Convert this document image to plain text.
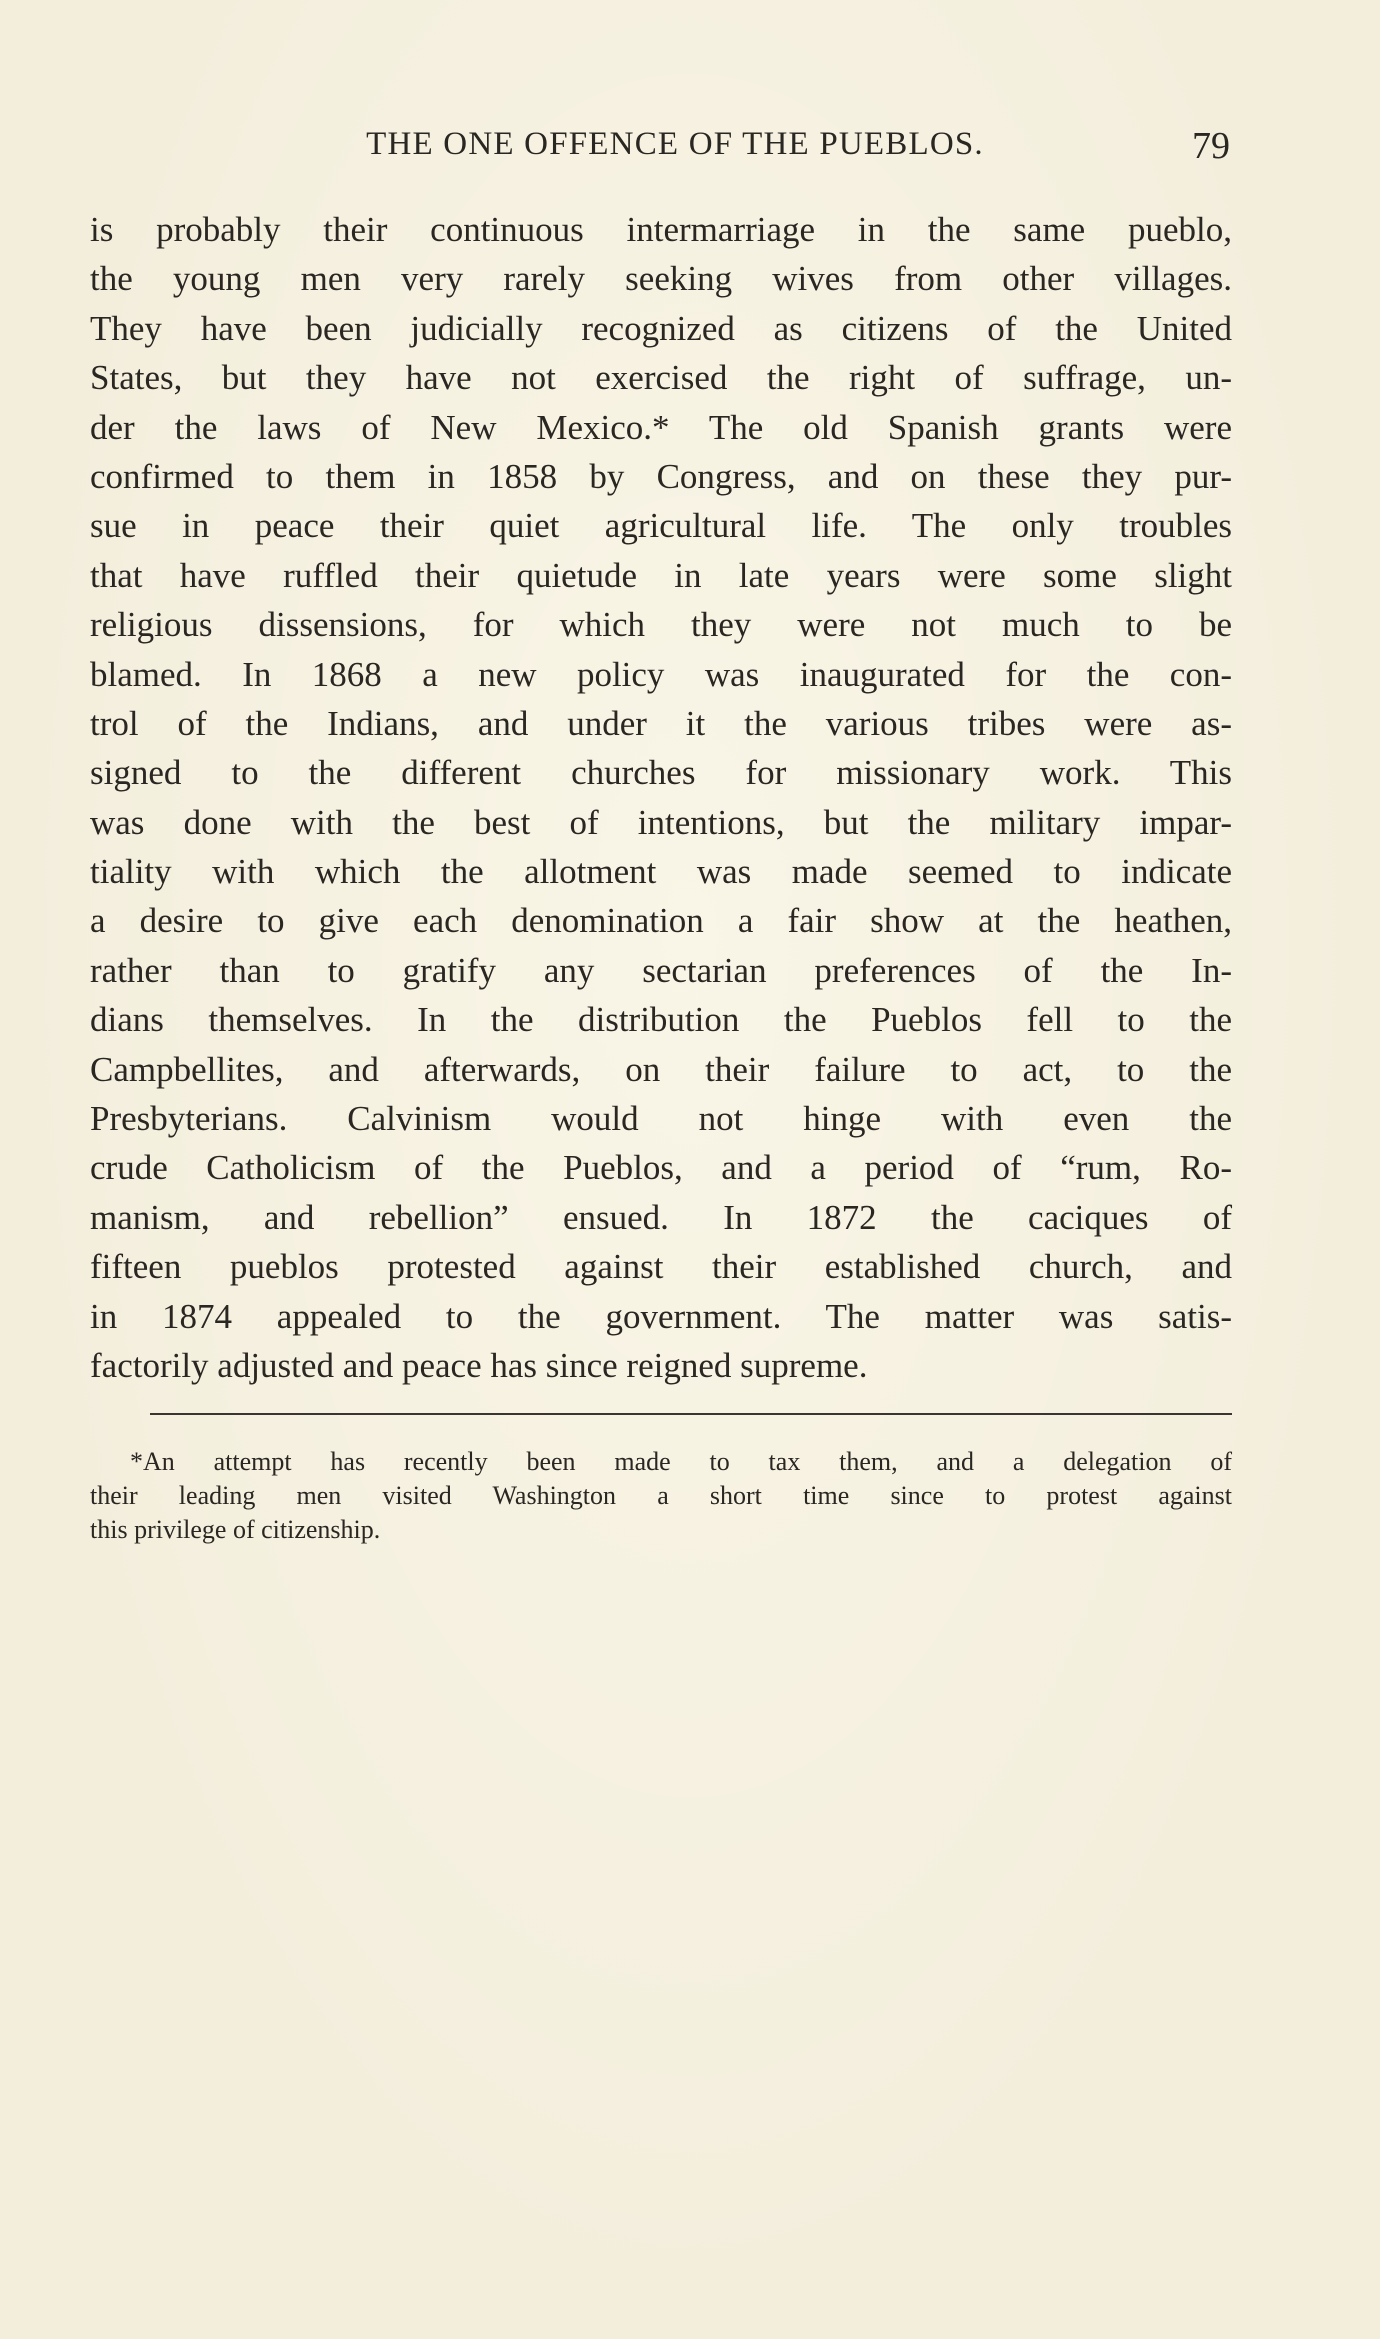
THE ONE OFFENCE OF THE PUEBLOS.	79
is probably their continuous intermarriage in the same pueblo,
the young men very rarely seeking wives from other villages.
They have been judicially recognized as citizens of the United
States, but they have not exercised the right of suffrage, un-
der the laws of New Mexico.* The old Spanish grants were
confirmed to them in 1858 by Congress, and on these they pur-
sue in peace their quiet agricultural life. The only troubles
that have ruffled their quietude in late years were some slight
religious dissensions, for which they were not much to be
blamed. In 1868 a new policy was inaugurated for the con-
trol of the Indians, and under it the various tribes were as-
signed to the different churches for missionary work. This
was done with the best of intentions, but the military impar-
tiality with which the allotment was made seemed to indicate
a desire to give each denomination a fair show at the heathen,
rather than to gratify any sectarian preferences of the In-
dians themselves. In the distribution the Pueblos fell to the
Campbellites, and afterwards, on their failure to act, to the
Presbyterians. Calvinism would not hinge with even the
crude Catholicism of the Pueblos, and a period of “rum, Ro-
manism, and rebellion” ensued. In 1872 the caciques of
fifteen pueblos protested against their established church, and
in 1874 appealed to the government. The matter was satis-
factorily adjusted and peace has since reigned supreme.
*An attempt has recently been made to tax them, and a delegation of
their leading men visited Washington a short time since to protest against
this privilege of citizenship.
